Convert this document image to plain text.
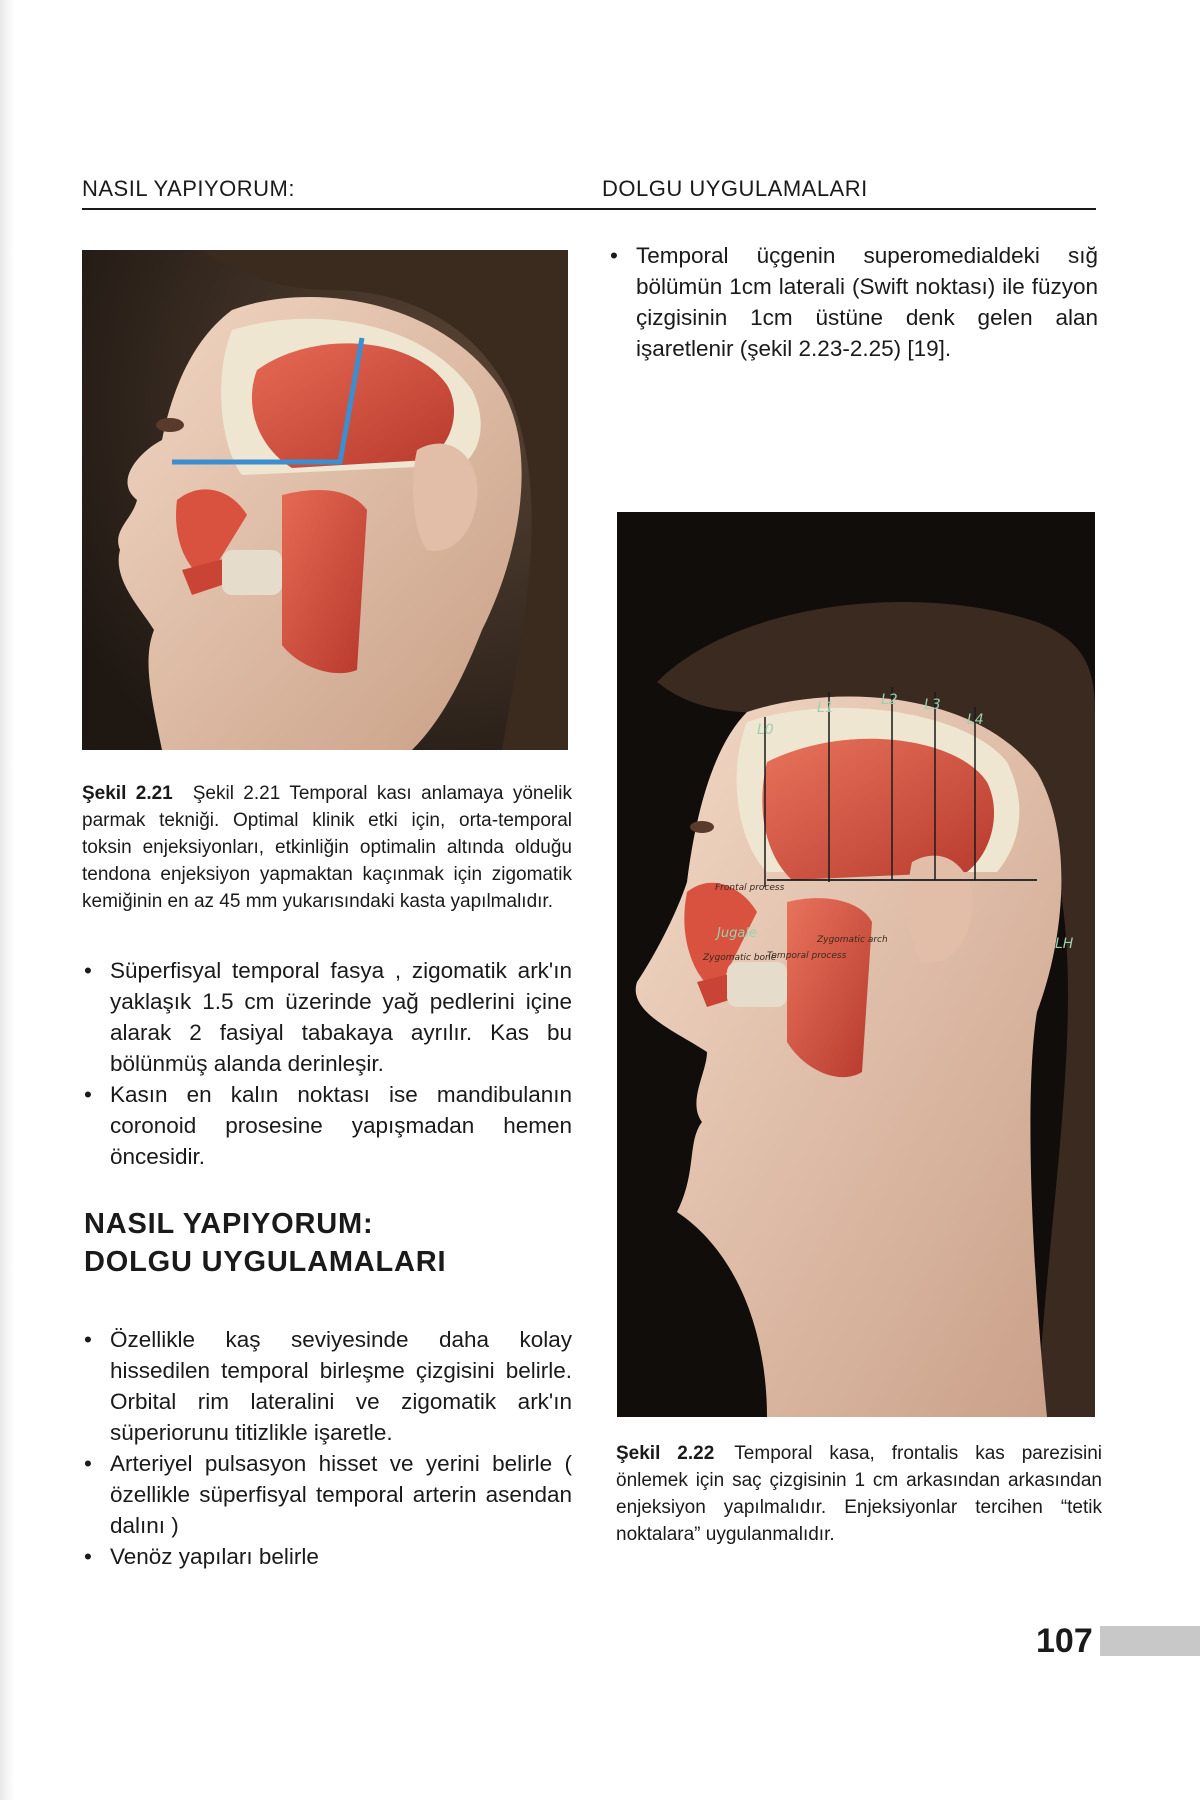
NASIL YAPIYORUM:	DOLGU UYGULAMALARI
• Temporal üçgenin superomedialdeki sığ bölümün 1cm laterali (Swift noktası) ile füzyon çizgisinin 1cm üstüne denk gelen alan işaretlenir (şekil 2.23-2.25) [19].
Şekil 2.21 Şekil 2.21 Temporal kası anlamaya yönelik parmak tekniği. Optimal klinik etki için, orta-temporal toksin enjeksiyonları, etkinliğin optimalin altında olduğu tendona enjeksiyon yapmaktan kaçınmak için zigomatik kemiğinin en az 45 mm yukarısındaki kasta yapılmalıdır.
• Süperfisyal temporal fasya , zigomatik ark'ın yaklaşık 1.5 cm üzerinde yağ pedlerini içine alarak 2 fasiyal tabakaya ayrılır. Kas bu bölünmüş alanda derinleşir.
• Kasın en kalın noktası ise mandibulanın coronoid prosesine yapışmadan hemen öncesidir.
NASIL YAPIYORUM:
DOLGU UYGULAMALARI
• Özellikle kaş seviyesinde daha kolay hissedilen temporal birleşme çizgisini belirle. Orbital rim lateralini ve zigomatik ark'ın süperiorunu titizlikle işaretle.
• Arteriyel pulsasyon hisset ve yerini belirle ( özellikle süperfisyal temporal arterin asendan dalını )
• Venöz yapıları belirle
L0
L1	L2 L3
L4
LH
Frontal process
Jugale	Zygomatic arch
Zygomatic bone
Temporal process
Şekil 2.22 Temporal kasa, frontalis kas parezisini önlemek için saç çizgisinin 1 cm arkasından arkasından enjeksiyon yapılmalıdır. Enjeksiyonlar tercihen “tetik noktalara” uygulanmalıdır.
107
